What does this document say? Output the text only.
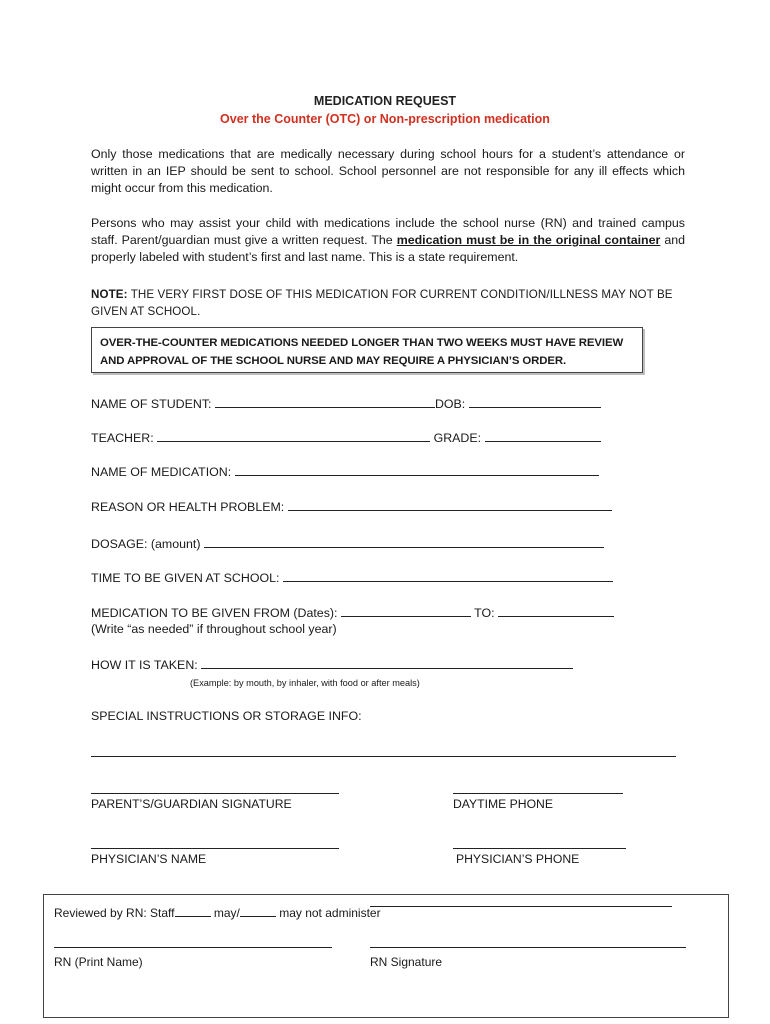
MEDICATION REQUEST
Over the Counter (OTC) or Non-prescription medication
Only those medications that are medically necessary during school hours for a student’s attendance or written in an IEP should be sent to school. School personnel are not responsible for any ill effects which might occur from this medication.
Persons who may assist your child with medications include the school nurse (RN) and trained campus staff. Parent/guardian must give a written request. The medication must be in the original container and properly labeled with student’s first and last name. This is a state requirement.
NOTE: THE VERY FIRST DOSE OF THIS MEDICATION FOR CURRENT CONDITION/ILLNESS MAY NOT BE GIVEN AT SCHOOL.
OVER-THE-COUNTER MEDICATIONS NEEDED LONGER THAN TWO WEEKS MUST HAVE REVIEW
AND APPROVAL OF THE SCHOOL NURSE AND MAY REQUIRE A PHYSICIAN’S ORDER.
NAME OF STUDENT:	DOB:
TEACHER:	GRADE:
NAME OF MEDICATION:
REASON OR HEALTH PROBLEM:
DOSAGE: (amount)
TIME TO BE GIVEN AT SCHOOL:
MEDICATION TO BE GIVEN FROM (Dates):	TO:
(Write “as needed” if throughout school year)
HOW IT IS TAKEN:
(Example: by mouth, by inhaler, with food or after meals)
SPECIAL INSTRUCTIONS OR STORAGE INFO:
PARENT’S/GUARDIAN SIGNATURE	DAYTIME PHONE
PHYSICIAN’S NAME	PHYSICIAN’S PHONE
Reviewed by RN: Staff	may/	may not administer
RN (Print Name)	RN Signature
